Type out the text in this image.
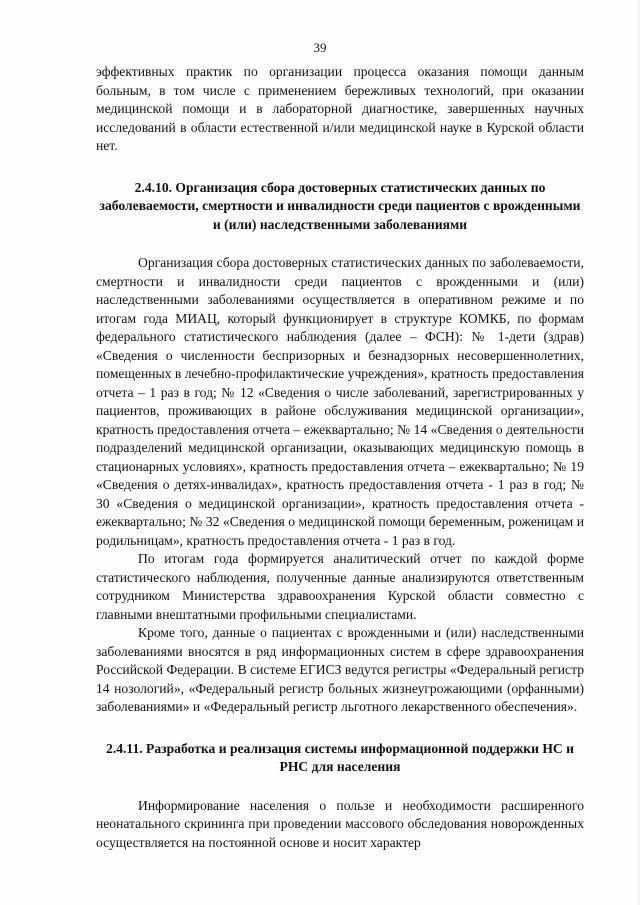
39

эффективных практик по организации процесса оказания помощи данным больным, в том числе с применением бережливых технологий, при оказании медицинской помощи и в лабораторной диагностике, завершенных научных исследований в области естественной и/или медицинской науке в Курской области нет.

2.4.10. Организация сбора достоверных статистических данных по заболеваемости, смертности и инвалидности среди пациентов с врожденными и (или) наследственными заболеваниями

Организация сбора достоверных статистических данных по заболеваемости, смертности и инвалидности среди пациентов с врожденными и (или) наследственными заболеваниями осуществляется в оперативном режиме и по итогам года МИАЦ, который функционирует в структуре КОМКБ, по формам федерального статистического наблюдения (далее – ФСН): № 1-дети (здрав) «Сведения о численности беспризорных и безнадзорных несовершеннолетних, помещенных в лечебно-профилактические учреждения», кратность предоставления отчета – 1 раз в год; № 12 «Сведения о числе заболеваний, зарегистрированных у пациентов, проживающих в районе обслуживания медицинской организации», кратность предоставления отчета – ежеквартально; № 14 «Сведения о деятельности подразделений медицинской организации, оказывающих медицинскую помощь в стационарных условиях», кратность предоставления отчета – ежеквартально; № 19 «Сведения о детях-инвалидах», кратность предоставления отчета - 1 раз в год; № 30 «Сведения о медицинской организации», кратность предоставления отчета - ежеквартально; № 32 «Сведения о медицинской помощи беременным, роженицам и родильницам», кратность предоставления отчета - 1 раз в год.

По итогам года формируется аналитический отчет по каждой форме статистического наблюдения, полученные данные анализируются ответственным сотрудником Министерства здравоохранения Курской области совместно с главными внештатными профильными специалистами.

Кроме того, данные о пациентах с врожденными и (или) наследственными заболеваниями вносятся в ряд информационных систем в сфере здравоохранения Российской Федерации. В системе ЕГИСЗ ведутся регистры «Федеральный регистр 14 нозологий», «Федеральный регистр больных жизнеугрожающими (орфанными) заболеваниями» и «Федеральный регистр льготного лекарственного обеспечения».

2.4.11. Разработка и реализация системы информационной поддержки НС и РНС для населения

Информирование населения о пользе и необходимости расширенного неонатального скрининга при проведении массового обследования новорожденных осуществляется на постоянной основе и носит характер
